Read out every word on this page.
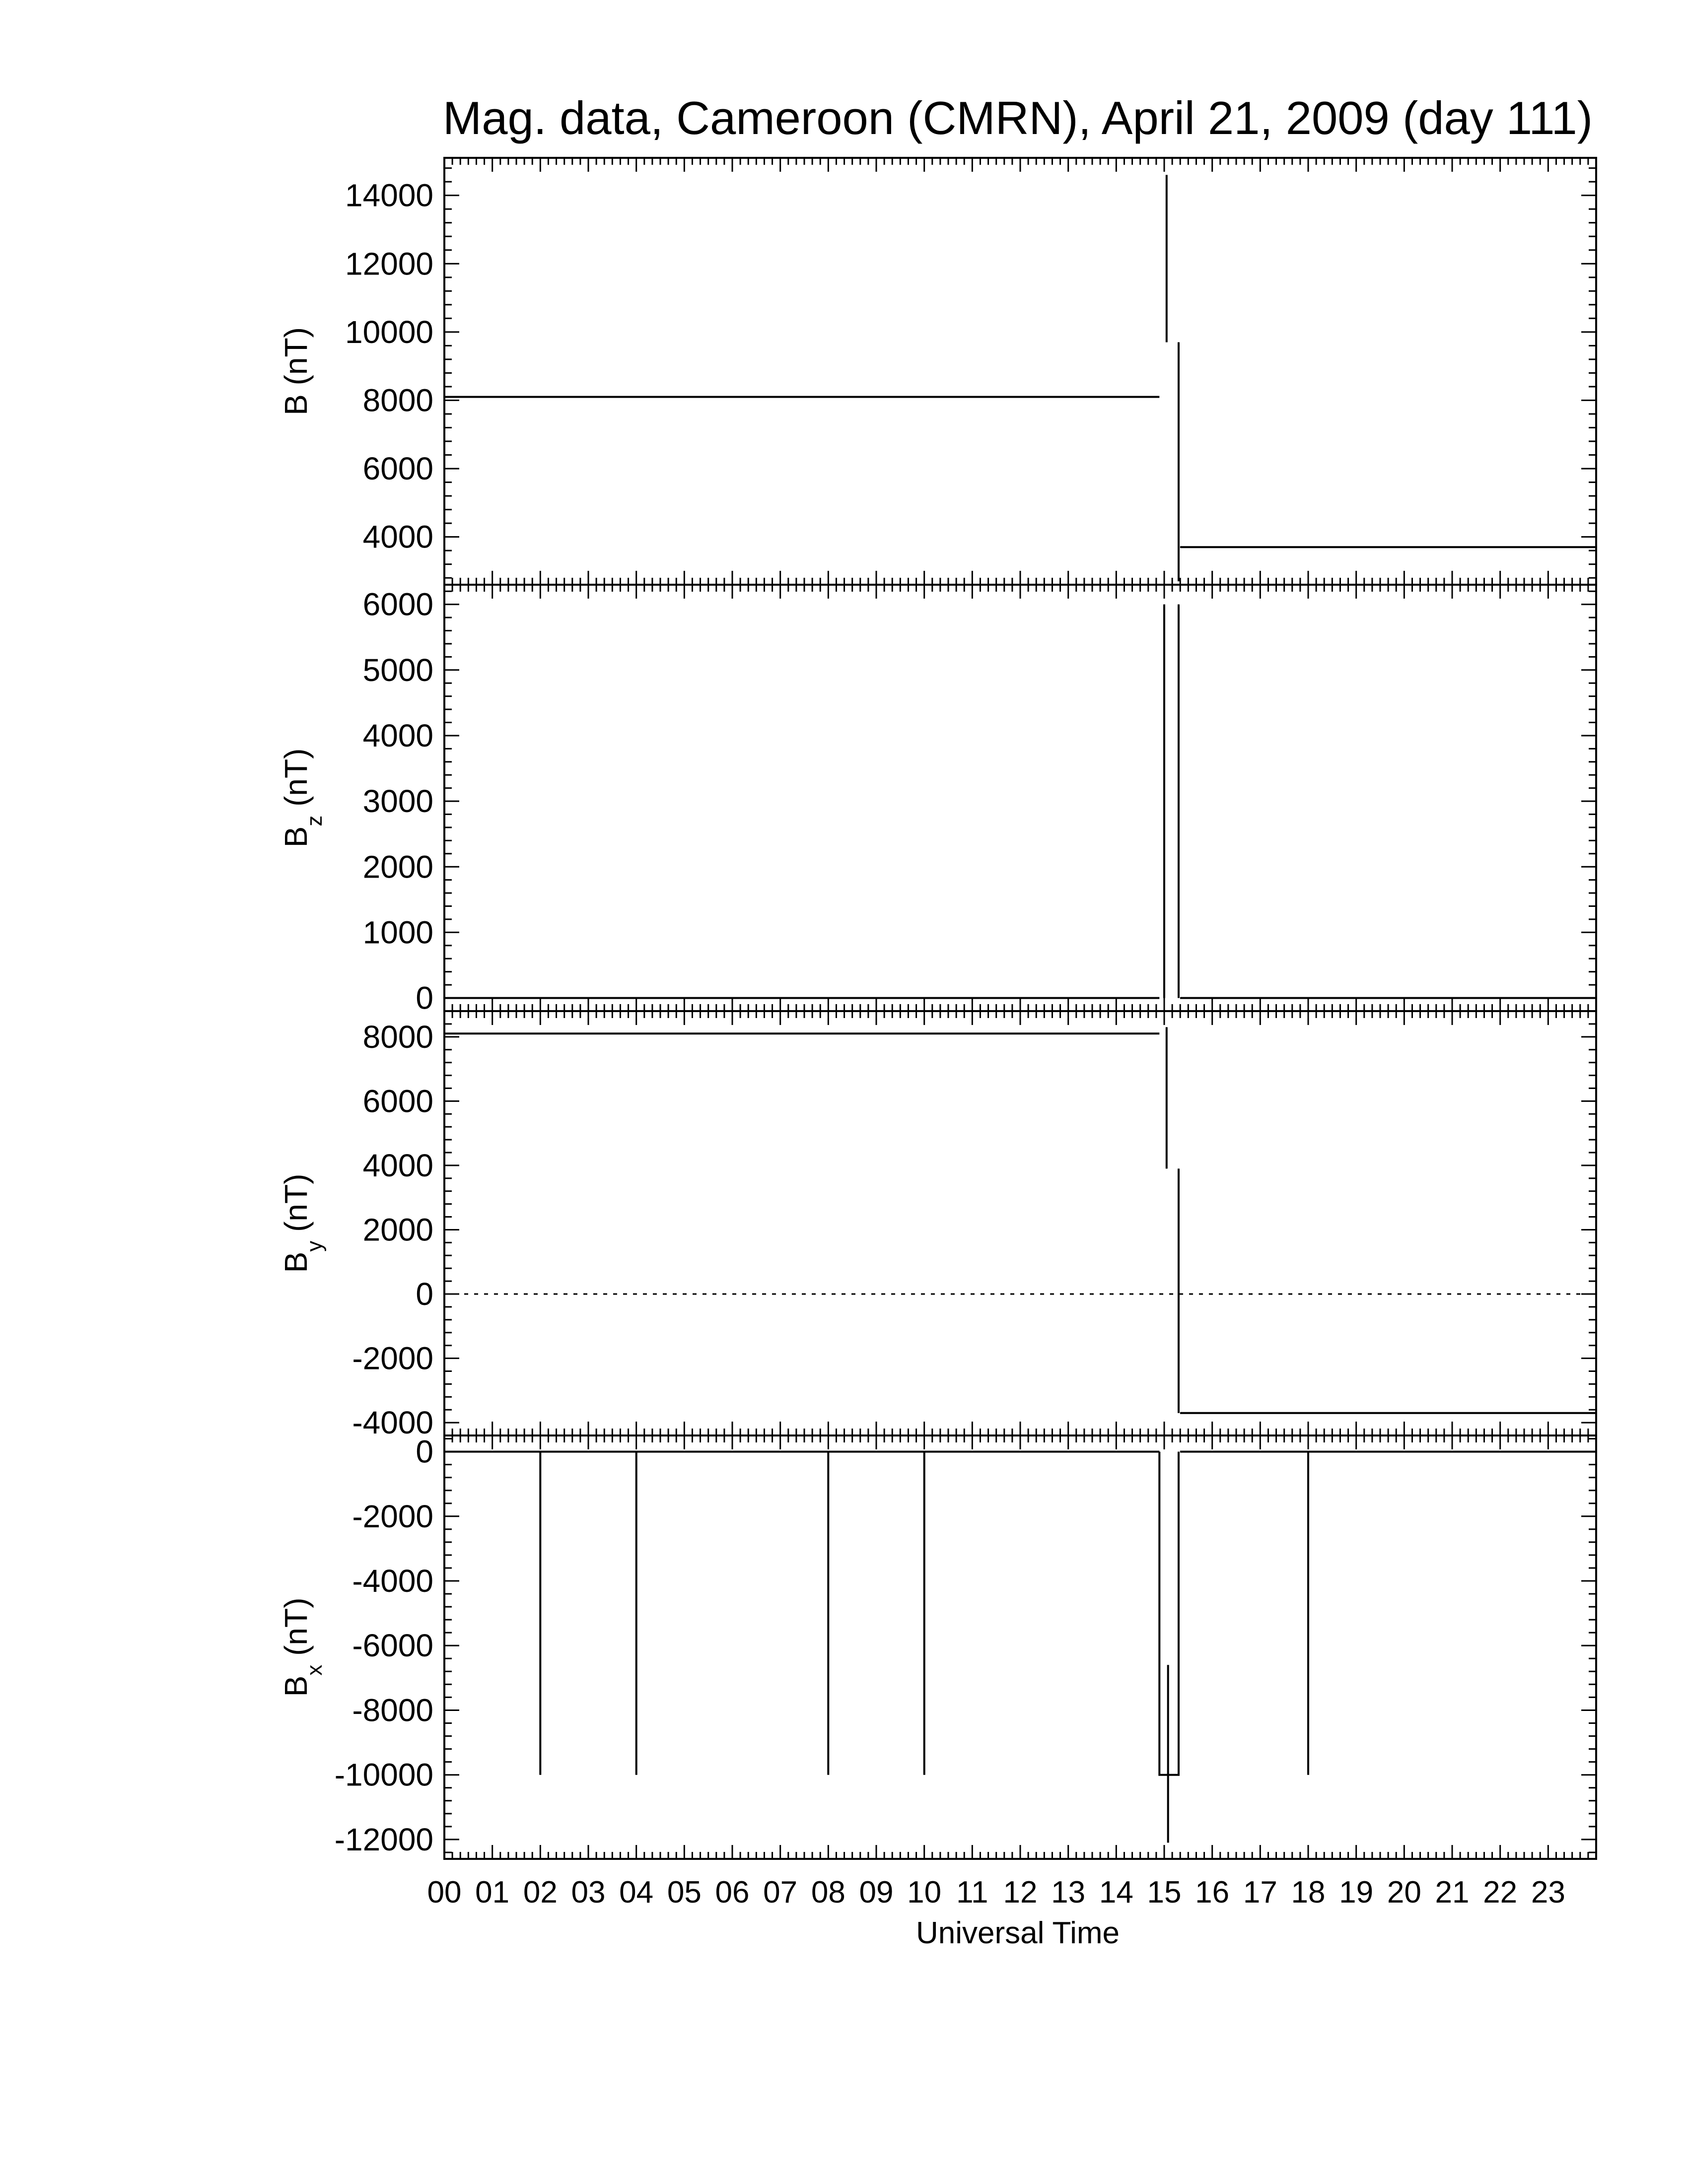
Mag. data, Cameroon (CMRN), April 21, 2009 (day 111)
4000
6000
8000
10000
12000
14000
B (nT)
0
1000
2000
3000
4000
5000
6000
$B_z$ (nT)
-4000
-2000
0
2000
4000
6000
8000
$B_y$ (nT)
-12000
-10000
-8000
-6000
-4000
-2000
0
$B_x$ (nT)
00 01 02 03 04 05 06 07 08 09 10 11 12 13 14 15 16 17 18 19 20 21 22 23
Universal Time
